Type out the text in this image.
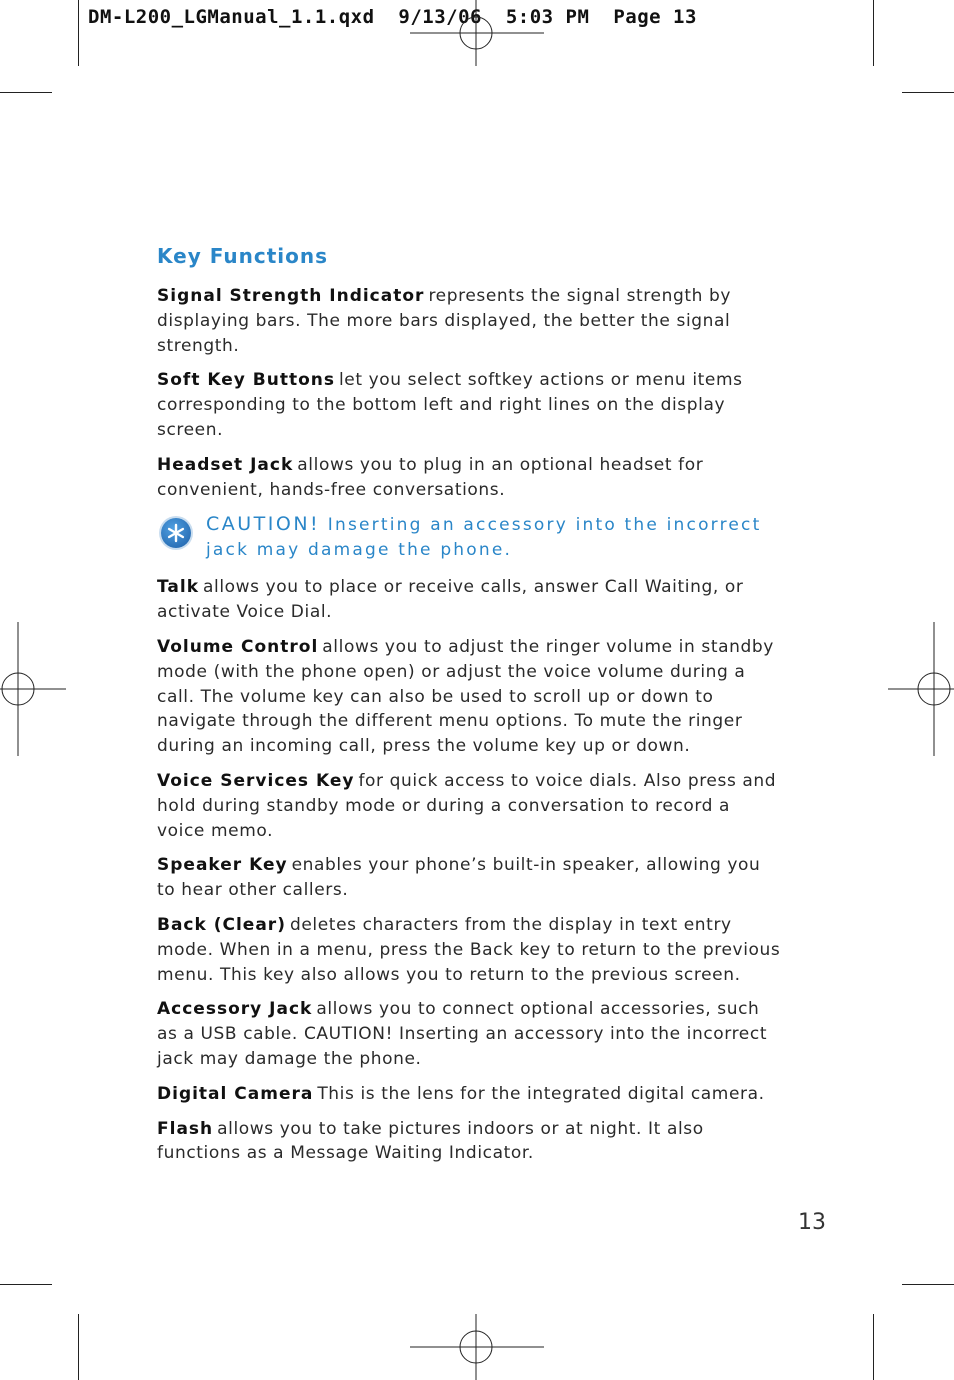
DM-L200_LGManual_1.1.qxd  9/13/06  5:03 PM  Page 13
Key Functions

Signal Strength Indicator represents the signal strength by displaying bars. The more bars displayed, the better the signal strength.

Soft Key Buttons let you select softkey actions or menu items corresponding to the bottom left and right lines on the display screen.

Headset Jack allows you to plug in an optional headset for convenient, hands-free conversations.

CAUTION! Inserting an accessory into the incorrect jack may damage the phone.

Talk allows you to place or receive calls, answer Call Waiting, or activate Voice Dial.

Volume Control allows you to adjust the ringer volume in standby mode (with the phone open) or adjust the voice volume during a call. The volume key can also be used to scroll up or down to navigate through the different menu options. To mute the ringer during an incoming call, press the volume key up or down.

Voice Services Key for quick access to voice dials. Also press and hold during standby mode or during a conversation to record a voice memo.

Speaker Key enables your phone’s built-in speaker, allowing you to hear other callers.

Back (Clear) deletes characters from the display in text entry mode. When in a menu, press the Back key to return to the previous menu. This key also allows you to return to the previous screen.

Accessory Jack allows you to connect optional accessories, such as a USB cable. CAUTION! Inserting an accessory into the incorrect jack may damage the phone.

Digital Camera This is the lens for the integrated digital camera.

Flash allows you to take pictures indoors or at night. It also functions as a Message Waiting Indicator.

13
